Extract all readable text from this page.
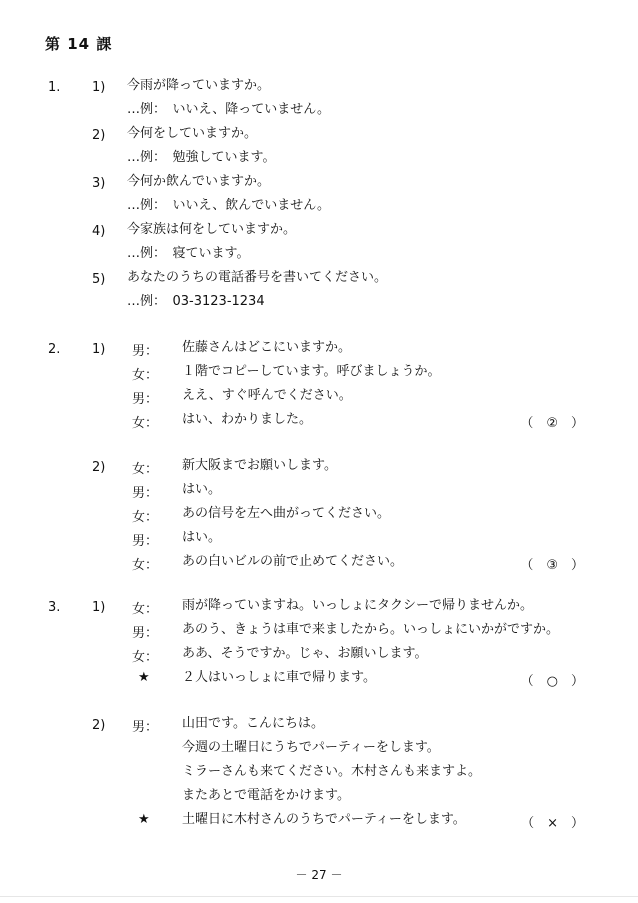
第 14 課
1. 1) 今雨が降っていますか。
…例：　いいえ、降っていません。
2) 今何をしていますか。
…例：　勉強しています。
3) 今何か飲んでいますか。
…例：　いいえ、飲んでいません。
4) 今家族は何をしていますか。
…例：　寝ています。
5) あなたのうちの電話番号を書いてください。
…例：　03-3123-1234
2. 1) 男： 佐藤さんはどこにいますか。
女： １階でコピーしています。呼びましょうか。
男： ええ、すぐ呼んでください。
女： はい、わかりました。	（　②　）
2) 女： 新大阪までお願いします。
男： はい。
女： あの信号を左へ曲がってください。
男： はい。
女： あの白いビルの前で止めてください。	（　③　）
3. 1) 女： 雨が降っていますね。いっしょにタクシーで帰りませんか。
男： あのう、きょうは車で来ましたから。いっしょにいかがですか。
女： ああ、そうですか。じゃ、お願いします。
★ ２人はいっしょに車で帰ります。	（　○　）
2) 男： 山田です。こんにちは。
今週の土曜日にうちでパーティーをします。
ミラーさんも来てください。木村さんも来ますよ。
またあとで電話をかけます。
★ 土曜日に木村さんのうちでパーティーをします。	（　×　）
－ 27 －
